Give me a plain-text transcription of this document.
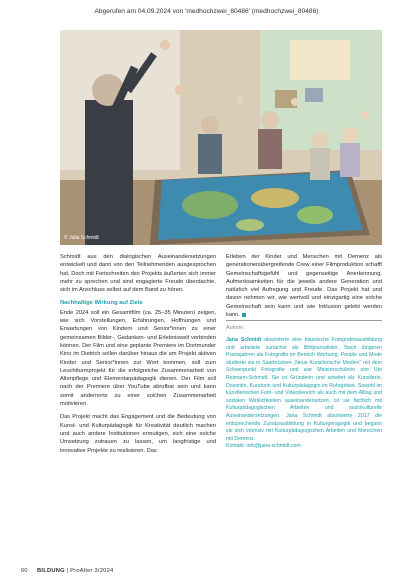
Abgerufen am 04.09.2024 von 'medhochzwei_80486' (medhochzwei_80486)
© Julia Schmidt

Schmidt aus den dialogischen Auseinandersetzungen entwickelt und dann von den Teilnehmenden ausgesprochen hat. Doch mit Fortschreiten des Projekts äußerten sich immer mehr zu sprechen und sind engagierte Freude überdachte, sich im Anschluss selbst auf dem Band zu hören.

Nachhaltige Wirkung auf Ziele

Ende 2024 soll ein Gesamtfilm (ca. 25–35 Minuten) zeigen, wie sich Vorstellungen, Erfahrungen, Hoffnungen und Erwartungen von Kindern und Senior*innen zu einer gemeinsamen Bilder-, Gedanken- und Erlebniswelt verbinden können. Der Film und eine geplante Premiere im Dortmunder Kino im Dietrich sollen darüber hinaus die am Projekt aktiven Kinder und Senior*innen zur Wort kommen, soll zum Leuchtturmprojekt für die erfolgreiche Zusammenarbeit von Altenpflege und Elementarpädagogik dienen. Der Film soll nach der Premiere über YouTube abrufbar sein und kann somit andernorts zu einer solchen Zusammenarbeit motivieren.

Das Projekt macht das Engagement und die Bedeutung von Kunst- und Kulturpädagogik für Kreativität deutlich machen und auch andere Institutionen ermutigen, sich eine solche Umsetzung zutrauen zu lassen, um langfristige und innovative Projekte zu realisieren. Das

Erleben der Kinder und Menschen mit Demenz als generationenübergreifende Crew einer Filmproduktion schafft Gemeinschaftsgefühl und gegenseitige Anerkennung. Aufmerksamkeiten für die jeweils andere Generation und natürlich viel Aufregung und Freude. Das Projekt hat und davon nehmen wir, wie wertvoll und einzigartig eine solche Gemeinschaft sein kann und wie Inklusion gelebt werden kann.

Autorin
Jana Schmidt absolvierte eine klassische Fotografenausbildung und arbeitete zunächst als Bildjournalistin. Nach längeren Praxisjahren als Fotografin im Bereich Werbung, People und Mode studierte sie in Saarbrücken „Neue Kunstlerische Medien“ mit dem Schwerpunkt Fotografie und war Meisterschülerin von Ute Reimann-Schmidt. Sie ist Gründerin und arbeitet als Kunstlerin, Dozentin, Kuratorin und Kulturpädagogin im Ruhrgebiet. Sowohl im künstlerischen Foto- und Videobereich als auch mit dem Alltag und sozialen Wirklichkeiten auseinandersetzen, ist sie fachlich mit Kulturpädagogischen Arbeiten und soziokulturelle Auseinandersetzungen. Jana Schmidt absolvierte 2017 die entsprechende Zusatzausbildung in Kulturgeragogik und begann sie sich intensiv mit Kulturpädagogischen Arbeiten und Menschen mit Demenz.
Kontakt: info@jana-schmidt.com
60 BILDUNG | ProAlter 3/2024
